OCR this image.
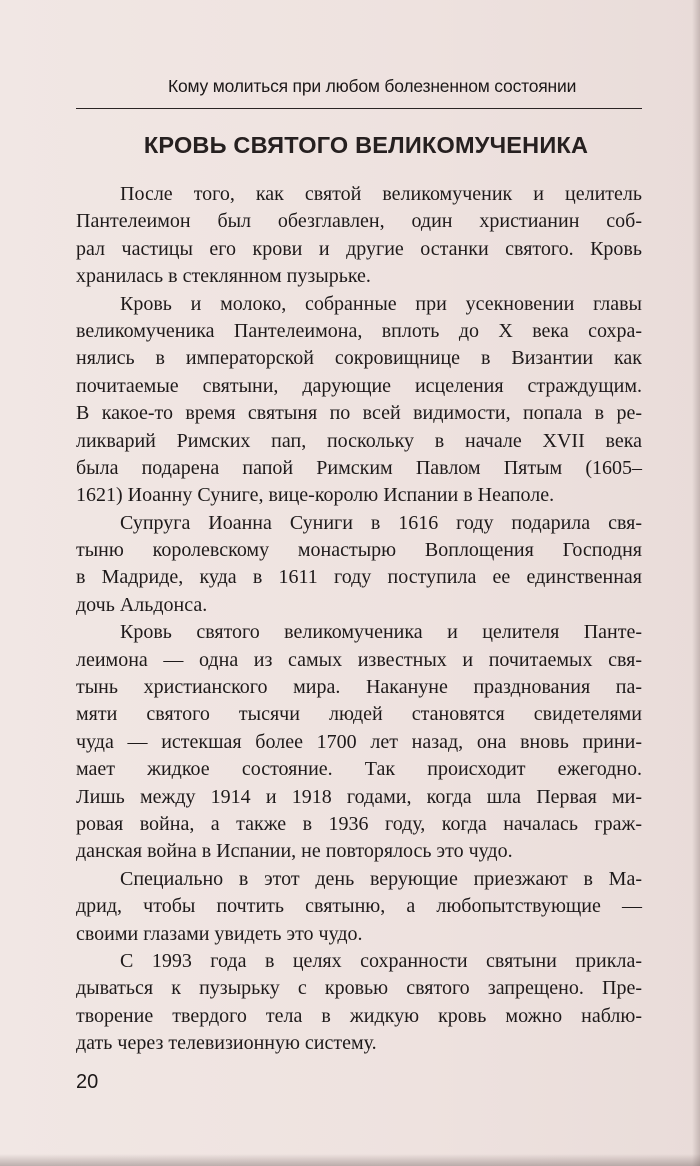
Кому молиться при любом болезненном состоянии
КРОВЬ СВЯТОГО ВЕЛИКОМУЧЕНИКА
После того, как святой великомученик и целитель
Пантелеимон был обезглавлен, один христианин соб-
рал частицы его крови и другие останки святого. Кровь
хранилась в стеклянном пузырьке.
Кровь и молоко, собранные при усекновении главы
великомученика Пантелеимона, вплоть до X века сохра-
нялись в императорской сокровищнице в Византии как
почитаемые святыни, дарующие исцеления страждущим.
В какое-то время святыня по всей видимости, попала в ре-
ликварий Римских пап, поскольку в начале XVII века
была подарена папой Римским Павлом Пятым (1605–
1621) Иоанну Суниге, вице-королю Испании в Неаполе.
Супруга Иоанна Суниги в 1616 году подарила свя-
тыню королевскому монастырю Воплощения Господня
в Мадриде, куда в 1611 году поступила ее единственная
дочь Альдонса.
Кровь святого великомученика и целителя Панте-
леимона — одна из самых известных и почитаемых свя-
тынь христианского мира. Накануне празднования па-
мяти святого тысячи людей становятся свидетелями
чуда — истекшая более 1700 лет назад, она вновь прини-
мает жидкое состояние. Так происходит ежегодно.
Лишь между 1914 и 1918 годами, когда шла Первая ми-
ровая война, а также в 1936 году, когда началась граж-
данская война в Испании, не повторялось это чудо.
Специально в этот день верующие приезжают в Ма-
дрид, чтобы почтить святыню, а любопытствующие —
своими глазами увидеть это чудо.
С 1993 года в целях сохранности святыни прикла-
дываться к пузырьку с кровью святого запрещено. Пре-
творение твердого тела в жидкую кровь можно наблю-
дать через телевизионную систему.
20
